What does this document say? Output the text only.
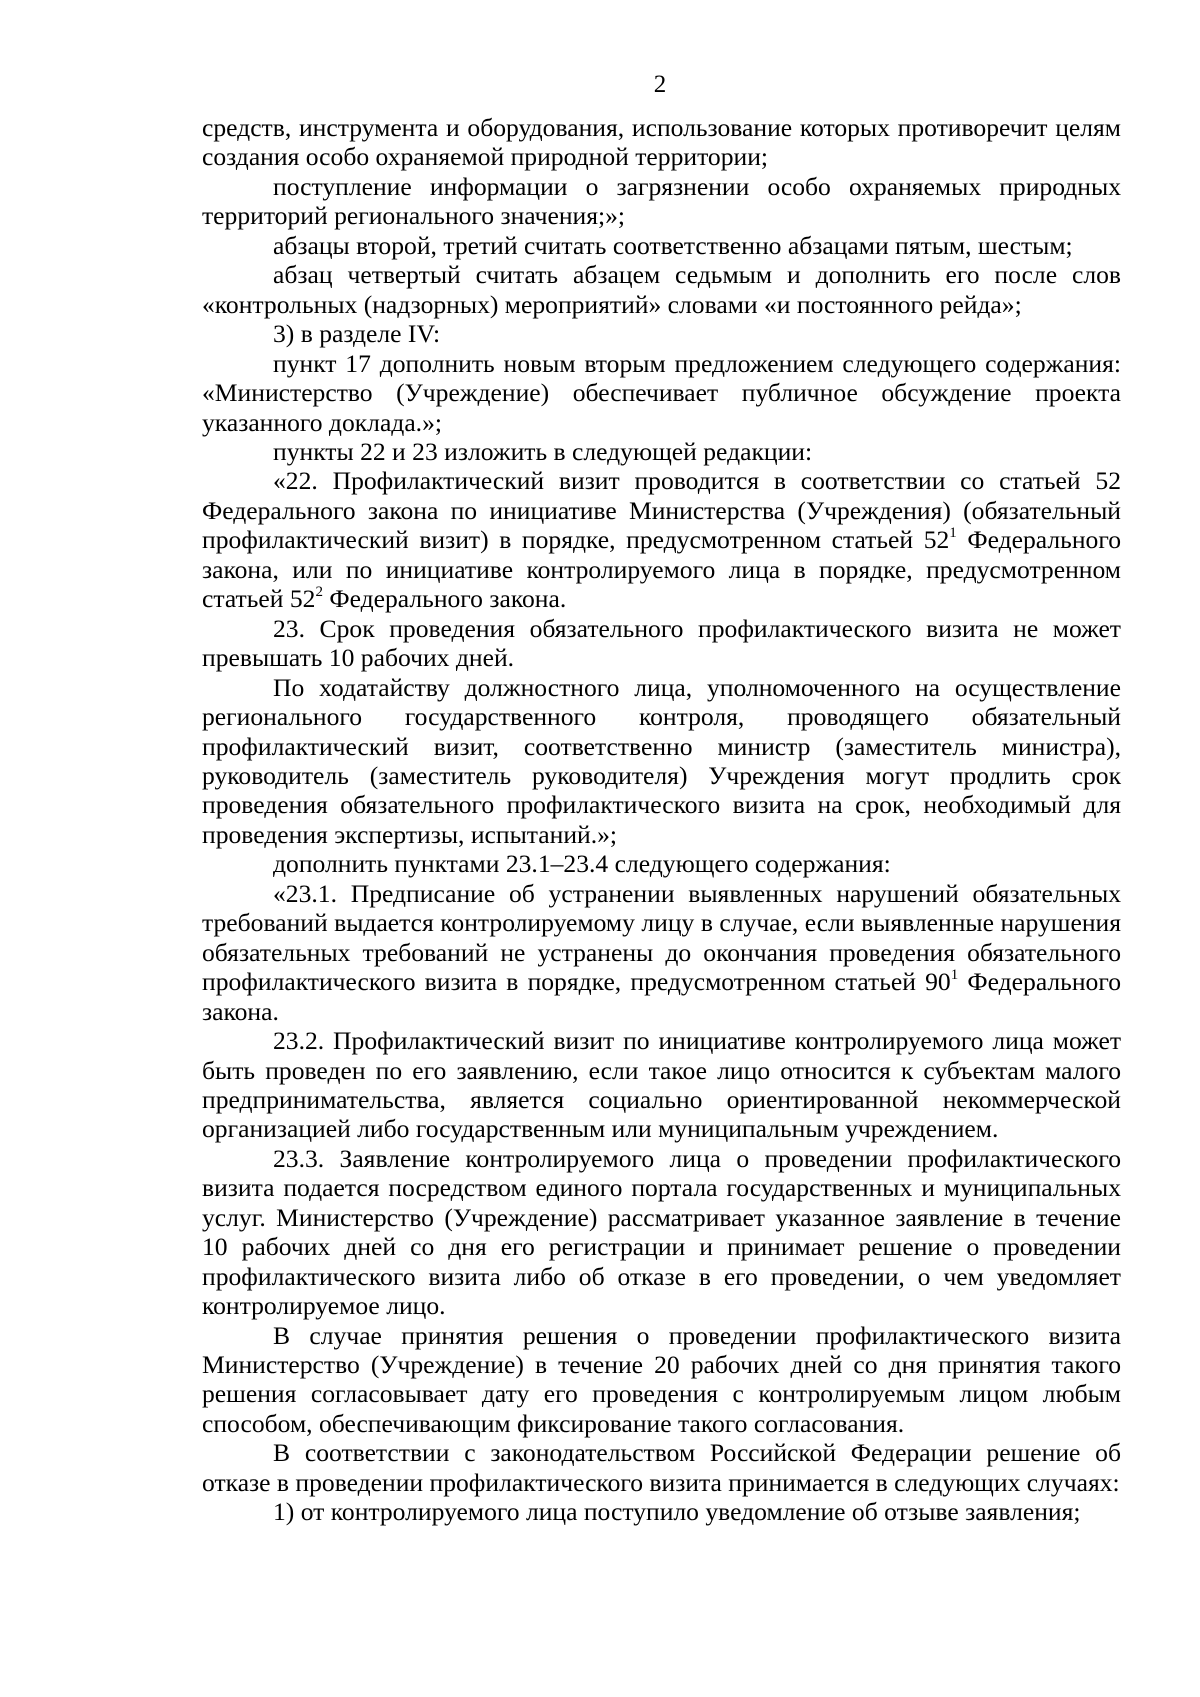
2

средств, инструмента и оборудования, использование которых противоречит целям создания особо охраняемой природной территории;

поступление информации о загрязнении особо охраняемых природных территорий регионального значения;»;

абзацы второй, третий считать соответственно абзацами пятым, шестым;

абзац четвертый считать абзацем седьмым и дополнить его после слов «контрольных (надзорных) мероприятий» словами «и постоянного рейда»;

3) в разделе IV:

пункт 17 дополнить новым вторым предложением следующего содержания: «Министерство (Учреждение) обеспечивает публичное обсуждение проекта указанного доклада.»;

пункты 22 и 23 изложить в следующей редакции:

«22. Профилактический визит проводится в соответствии со статьей 52 Федерального закона по инициативе Министерства (Учреждения) (обязательный профилактический визит) в порядке, предусмотренном статьей $52^1$ Федерального закона, или по инициативе контролируемого лица в порядке, предусмотренном статьей $52^2$ Федерального закона.

23. Срок проведения обязательного профилактического визита не может превышать 10 рабочих дней.

По ходатайству должностного лица, уполномоченного на осуществление регионального государственного контроля, проводящего обязательный профилактический визит, соответственно министр (заместитель министра), руководитель (заместитель руководителя) Учреждения могут продлить срок проведения обязательного профилактического визита на срок, необходимый для проведения экспертизы, испытаний.»;

дополнить пунктами 23.1–23.4 следующего содержания:

«23.1. Предписание об устранении выявленных нарушений обязательных требований выдается контролируемому лицу в случае, если выявленные нарушения обязательных требований не устранены до окончания проведения обязательного профилактического визита в порядке, предусмотренном статьей $90^1$ Федерального закона.

23.2. Профилактический визит по инициативе контролируемого лица может быть проведен по его заявлению, если такое лицо относится к субъектам малого предпринимательства, является социально ориентированной некоммерческой организацией либо государственным или муниципальным учреждением.

23.3. Заявление контролируемого лица о проведении профилактического визита подается посредством единого портала государственных и муниципальных услуг. Министерство (Учреждение) рассматривает указанное заявление в течение 10 рабочих дней со дня его регистрации и принимает решение о проведении профилактического визита либо об отказе в его проведении, о чем уведомляет контролируемое лицо.

В случае принятия решения о проведении профилактического визита Министерство (Учреждение) в течение 20 рабочих дней со дня принятия такого решения согласовывает дату его проведения с контролируемым лицом любым способом, обеспечивающим фиксирование такого согласования.

В соответствии с законодательством Российской Федерации решение об отказе в проведении профилактического визита принимается в следующих случаях:

1) от контролируемого лица поступило уведомление об отзыве заявления;
